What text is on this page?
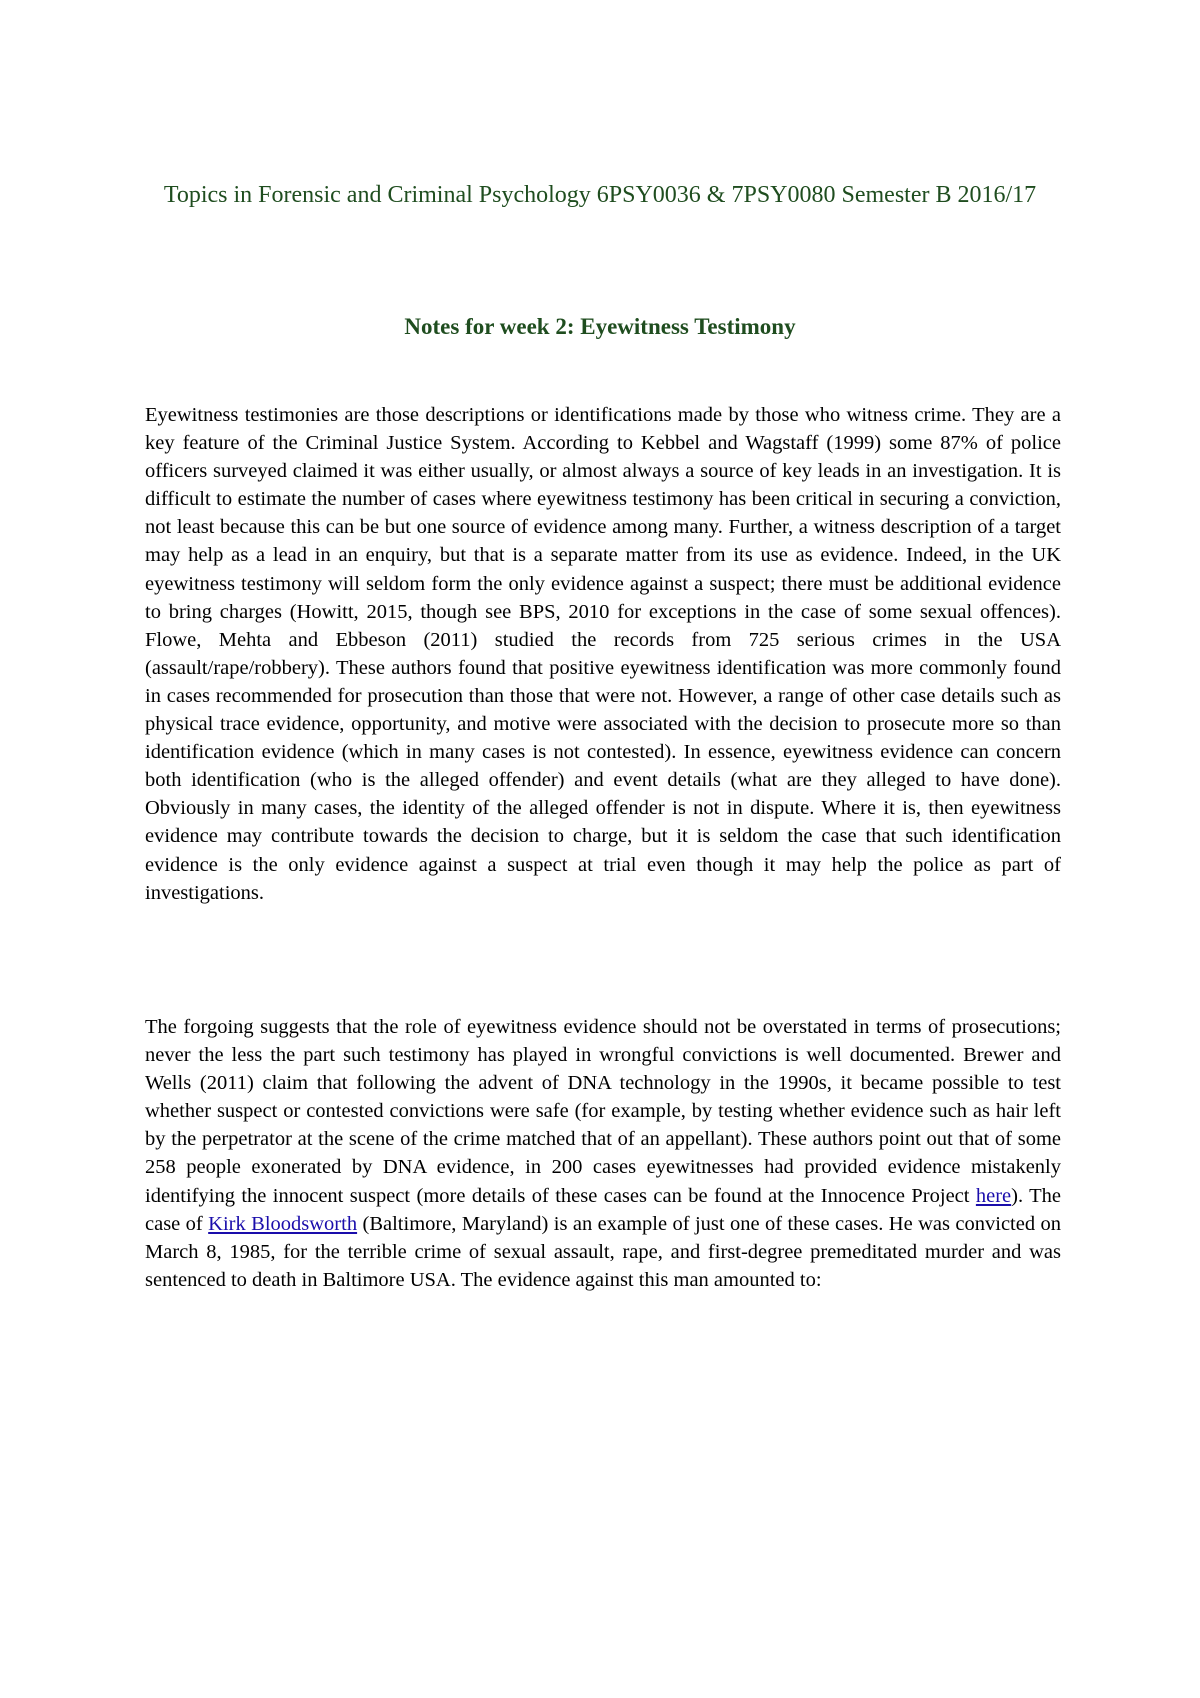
Topics in Forensic and Criminal Psychology 6PSY0036 & 7PSY0080 Semester B 2016/17
Notes for week 2: Eyewitness Testimony

Eyewitness testimonies are those descriptions or identifications made by those who witness crime. They are a key feature of the Criminal Justice System. According to Kebbel and Wagstaff (1999) some 87% of police officers surveyed claimed it was either usually, or almost always a source of key leads in an investigation. It is difficult to estimate the number of cases where eyewitness testimony has been critical in securing a conviction, not least because this can be but one source of evidence among many. Further, a witness description of a target may help as a lead in an enquiry, but that is a separate matter from its use as evidence. Indeed, in the UK eyewitness testimony will seldom form the only evidence against a suspect; there must be additional evidence to bring charges (Howitt, 2015, though see BPS, 2010 for exceptions in the case of some sexual offences). Flowe, Mehta and Ebbeson (2011) studied the records from 725 serious crimes in the USA (assault/rape/robbery). These authors found that positive eyewitness identification was more commonly found in cases recommended for prosecution than those that were not. However, a range of other case details such as physical trace evidence, opportunity, and motive were associated with the decision to prosecute more so than identification evidence (which in many cases is not contested). In essence, eyewitness evidence can concern both identification (who is the alleged offender) and event details (what are they alleged to have done). Obviously in many cases, the identity of the alleged offender is not in dispute. Where it is, then eyewitness evidence may contribute towards the decision to charge, but it is seldom the case that such identification evidence is the only evidence against a suspect at trial even though it may help the police as part of investigations.

The forgoing suggests that the role of eyewitness evidence should not be overstated in terms of prosecutions; never the less the part such testimony has played in wrongful convictions is well documented. Brewer and Wells (2011) claim that following the advent of DNA technology in the 1990s, it became possible to test whether suspect or contested convictions were safe (for example, by testing whether evidence such as hair left by the perpetrator at the scene of the crime matched that of an appellant). These authors point out that of some 258 people exonerated by DNA evidence, in 200 cases eyewitnesses had provided evidence mistakenly identifying the innocent suspect (more details of these cases can be found at the Innocence Project here). The case of Kirk Bloodsworth (Baltimore, Maryland) is an example of just one of these cases. He was convicted on March 8, 1985, for the terrible crime of sexual assault, rape, and first-degree premeditated murder and was sentenced to death in Baltimore USA. The evidence against this man amounted to:
